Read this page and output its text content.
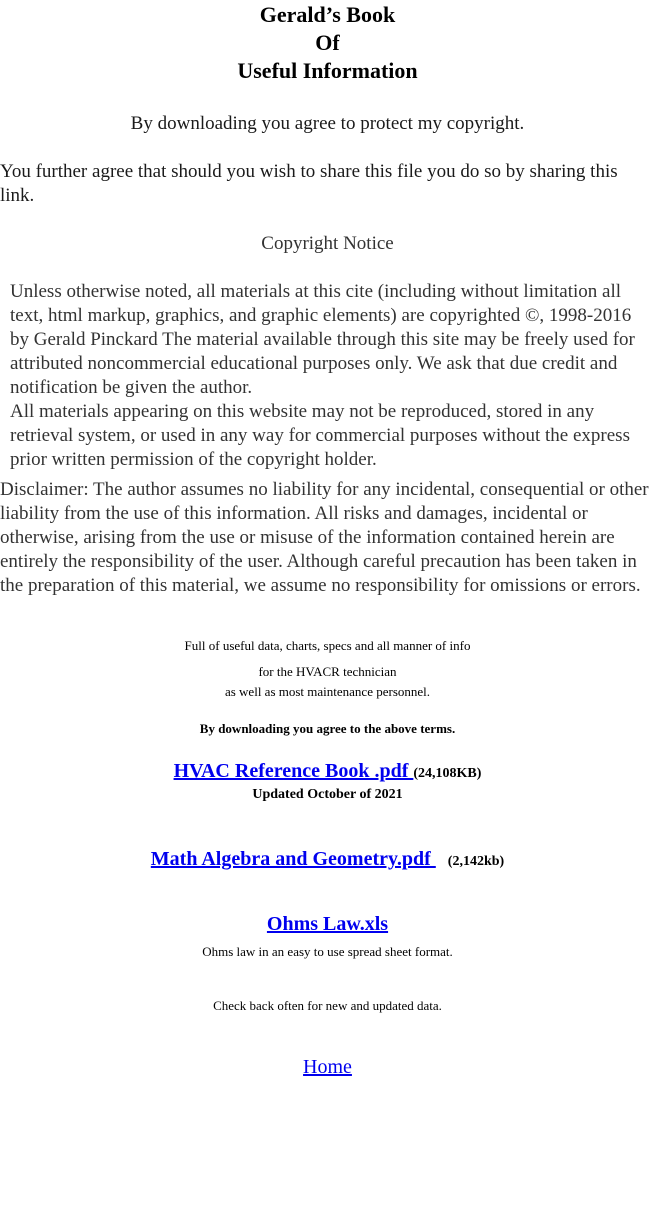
Gerald’s Book
Of
Useful Information
By downloading you agree to protect my copyright.
You further agree that should you wish to share this file you do so by sharing this link.
Copyright Notice
Unless otherwise noted, all materials at this cite (including without limitation all text, html markup, graphics, and graphic elements) are copyrighted ©, 1998-2016 by Gerald Pinckard The material available through this site may be freely used for attributed noncommercial educational purposes only. We ask that due credit and notification be given the author.
All materials appearing on this website may not be reproduced, stored in any retrieval system, or used in any way for commercial purposes without the express prior written permission of the copyright holder.
Disclaimer: The author assumes no liability for any incidental, consequential or other liability from the use of this information. All risks and damages, incidental or otherwise, arising from the use or misuse of the information contained herein are entirely the responsibility of the user. Although careful precaution has been taken in the preparation of this material, we assume no responsibility for omissions or errors.
Full of useful data, charts, specs and all manner of info
for the HVACR technician
as well as most maintenance personnel.
By downloading you agree to the above terms.
HVAC Reference Book .pdf (24,108KB)
Updated October of 2021
Math Algebra and Geometry.pdf    (2,142kb)
Ohms Law.xls
Ohms law in an easy to use spread sheet format.
Check back often for new and updated data.
Home
